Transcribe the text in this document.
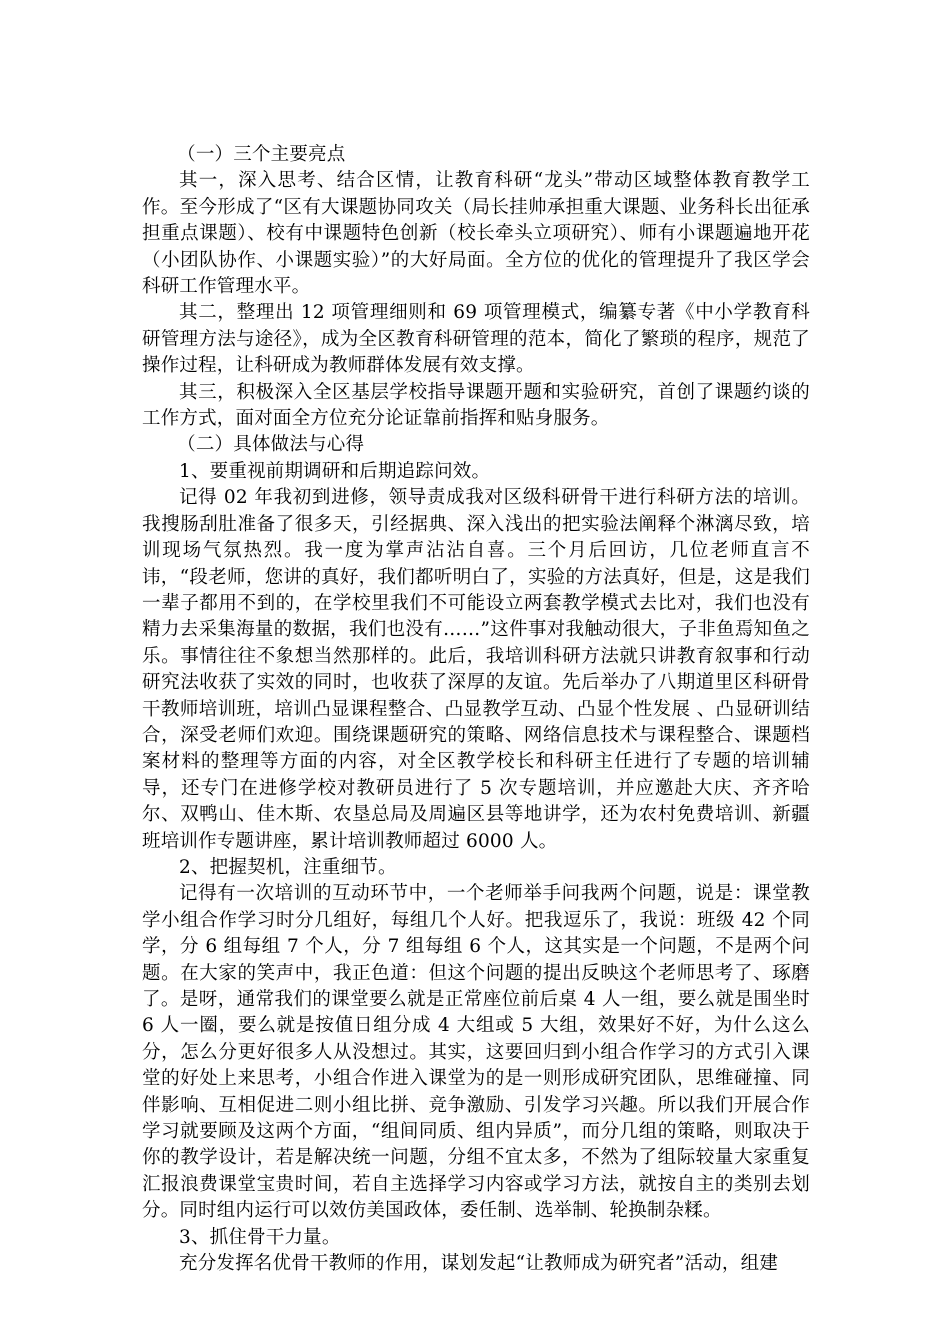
（一）三个主要亮点

其一，深入思考、结合区情，让教育科研“龙头”带动区域整体教育教学工作。至今形成了“区有大课题协同攻关（局长挂帅承担重大课题、业务科长出征承担重点课题）、校有中课题特色创新（校长牵头立项研究）、师有小课题遍地开花（小团队协作、小课题实验）”的大好局面。全方位的优化的管理提升了我区学会科研工作管理水平。

其二，整理出 12 项管理细则和 69 项管理模式，编纂专著《中小学教育科研管理方法与途径》，成为全区教育科研管理的范本，简化了繁琐的程序，规范了操作过程，让科研成为教师群体发展有效支撑。

其三，积极深入全区基层学校指导课题开题和实验研究，首创了课题约谈的工作方式，面对面全方位充分论证靠前指挥和贴身服务。

（二）具体做法与心得

1、要重视前期调研和后期追踪问效。

记得 02 年我初到进修，领导责成我对区级科研骨干进行科研方法的培训。我搜肠刮肚准备了很多天，引经据典、深入浅出的把实验法阐释个淋漓尽致，培训现场气氛热烈。我一度为掌声沾沾自喜。三个月后回访，几位老师直言不讳，“段老师，您讲的真好，我们都听明白了，实验的方法真好，但是，这是我们一辈子都用不到的，在学校里我们不可能设立两套教学模式去比对，我们也没有精力去采集海量的数据，我们也没有……”这件事对我触动很大，子非鱼焉知鱼之乐。事情往往不象想当然那样的。此后，我培训科研方法就只讲教育叙事和行动研究法收获了实效的同时，也收获了深厚的友谊。先后举办了八期道里区科研骨干教师培训班，培训凸显课程整合、凸显教学互动、凸显个性发展 、凸显研训结合，深受老师们欢迎。围绕课题研究的策略、网络信息技术与课程整合、课题档案材料的整理等方面的内容，对全区教学校长和科研主任进行了专题的培训辅导，还专门在进修学校对教研员进行了 5 次专题培训，并应邀赴大庆、齐齐哈尔、双鸭山、佳木斯、农垦总局及周遍区县等地讲学，还为农村免费培训、新疆班培训作专题讲座，累计培训教师超过 6000 人。

2、把握契机，注重细节。

记得有一次培训的互动环节中，一个老师举手问我两个问题，说是：课堂教学小组合作学习时分几组好，每组几个人好。把我逗乐了，我说：班级 42 个同学，分 6 组每组 7 个人，分 7 组每组 6 个人，这其实是一个问题，不是两个问题。在大家的笑声中，我正色道：但这个问题的提出反映这个老师思考了、琢磨了。是呀，通常我们的课堂要么就是正常座位前后桌 4 人一组，要么就是围坐时 6 人一圈，要么就是按值日组分成 4 大组或 5 大组，效果好不好，为什么这么分，怎么分更好很多人从没想过。其实，这要回归到小组合作学习的方式引入课堂的好处上来思考，小组合作进入课堂为的是一则形成研究团队，思维碰撞、同伴影响、互相促进二则小组比拼、竞争激励、引发学习兴趣。所以我们开展合作学习就要顾及这两个方面，“组间同质、组内异质”，而分几组的策略，则取决于你的教学设计，若是解决统一问题，分组不宜太多，不然为了组际较量大家重复汇报浪费课堂宝贵时间，若自主选择学习内容或学习方法，就按自主的类别去划分。同时组内运行可以效仿美国政体，委任制、选举制、轮换制杂糅。

3、抓住骨干力量。

充分发挥名优骨干教师的作用，谋划发起“让教师成为研究者”活动，组建
